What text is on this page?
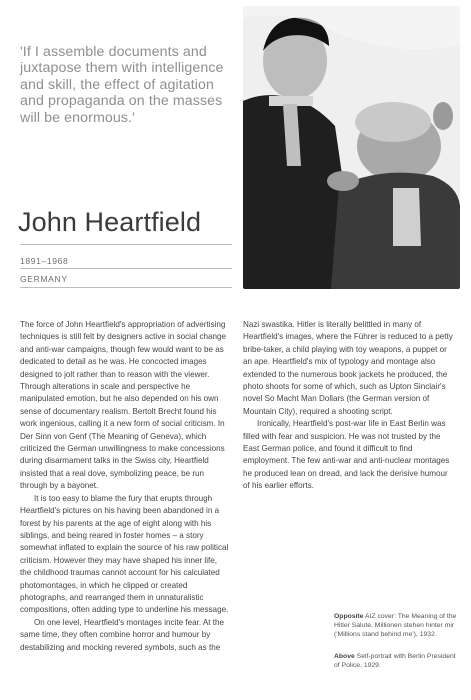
'If I assemble documents and juxtapose them with intelligence and skill, the effect of agitation and propaganda on the masses will be enormous.'
John Heartfield
1891–1968
GERMANY

The force of John Heartfield's appropriation of advertising techniques is still felt by designers active in social change and anti-war campaigns, though few would want to be as dedicated to detail as he was. He concocted images designed to jolt rather than to reason with the viewer. Through alterations in scale and perspective he manipulated emotion, but he also depended on his own sense of documentary realism. Bertolt Brecht found his work ingenious, calling it a new form of social criticism. In Der Sinn von Genf (The Meaning of Geneva), which criticized the German unwillingness to make concessions during disarmament talks in the Swiss city, Heartfield insisted that a real dove, symbolizing peace, be run through by a bayonet.

It is too easy to blame the fury that erupts through Heartfield's pictures on his having been abandoned in a forest by his parents at the age of eight along with his siblings, and being reared in foster homes – a story somewhat inflated to explain the source of his raw political criticism. However they may have shaped his inner life, the childhood traumas cannot account for his calculated photomontages, in which he clipped or created photographs, and rearranged them in unnaturalistic compositions, often adding type to underline his message.

On one level, Heartfield's montages incite fear. At the same time, they often combine horror and humour by destabilizing and mocking revered symbols, such as the

Nazi swastika. Hitler is literally belittled in many of Heartfield's images, where the Führer is reduced to a petty bribe-taker, a child playing with toy weapons, a puppet or an ape. Heartfield's mix of typology and montage also extended to the numerous book jackets he produced, the photo shoots for some of which, such as Upton Sinclair's novel So Macht Man Dollars (the German version of Mountain City), required a shooting script.

Ironically, Heartfield's post-war life in East Berlin was filled with fear and suspicion. He was not trusted by the East German police, and found it difficult to find employment. The few anti-war and anti-nuclear montages he produced lean on dread, and lack the derisive humour of his earlier efforts.

Opposite AIZ cover: The Meaning of the Hitler Salute. Millionen stehen hinter mir ('Millions stand behind me'), 1932.
Above Self-portrait with Berlin President of Police, 1929.
